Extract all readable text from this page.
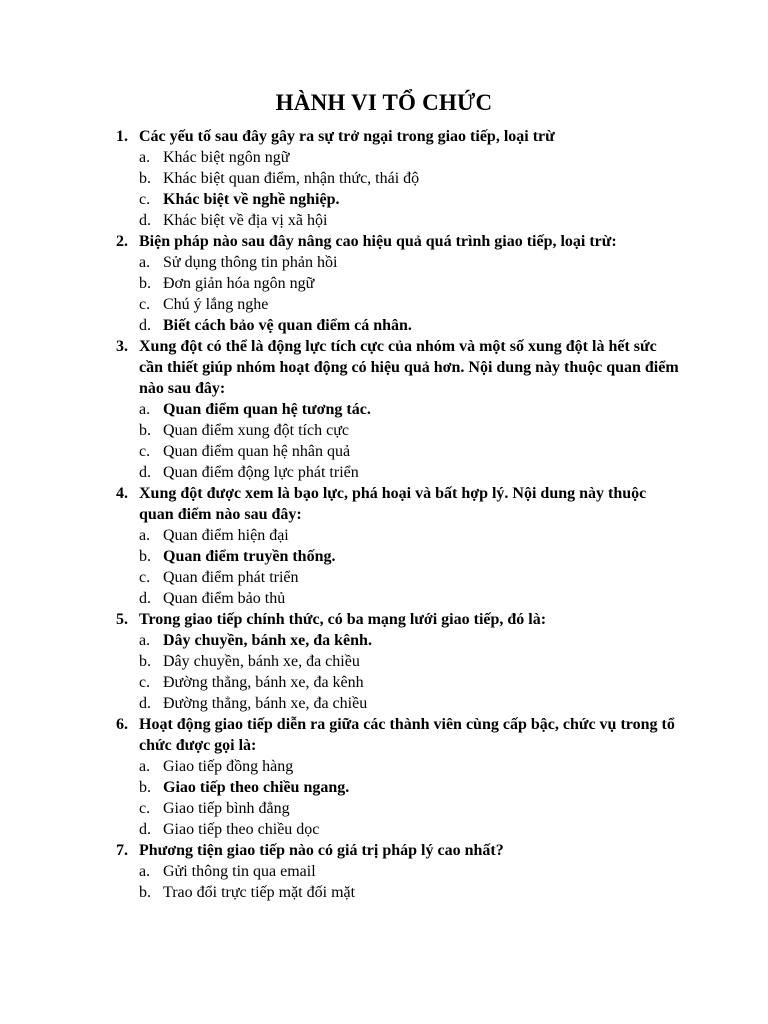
HÀNH VI TỔ CHỨC
1. Các yếu tố sau đây gây ra sự trở ngại trong giao tiếp, loại trừ
a. Khác biệt ngôn ngữ
b. Khác biệt quan điểm, nhận thức, thái độ
c. Khác biệt về nghề nghiệp.
d. Khác biệt về địa vị xã hội
2. Biện pháp nào sau đây nâng cao hiệu quả quá trình giao tiếp, loại trừ:
a. Sử dụng thông tin phản hồi
b. Đơn giản hóa ngôn ngữ
c. Chú ý lắng nghe
d. Biết cách bảo vệ quan điểm cá nhân.
3. Xung đột có thể là động lực tích cực của nhóm và một số xung đột là hết sức cần thiết giúp nhóm hoạt động có hiệu quả hơn. Nội dung này thuộc quan điểm nào sau đây:
a. Quan điểm quan hệ tương tác.
b. Quan điểm xung đột tích cực
c. Quan điểm quan hệ nhân quả
d. Quan điểm động lực phát triển
4. Xung đột được xem là bạo lực, phá hoại và bất hợp lý. Nội dung này thuộc quan điểm nào sau đây:
a. Quan điểm hiện đại
b. Quan điểm truyền thống.
c. Quan điểm phát triển
d. Quan điểm bảo thủ
5. Trong giao tiếp chính thức, có ba mạng lưới giao tiếp, đó là:
a. Dây chuyền, bánh xe, đa kênh.
b. Dây chuyền, bánh xe, đa chiều
c. Đường thẳng, bánh xe, đa kênh
d. Đường thẳng, bánh xe, đa chiều
6. Hoạt động giao tiếp diễn ra giữa các thành viên cùng cấp bậc, chức vụ trong tổ chức được gọi là:
a. Giao tiếp đồng hàng
b. Giao tiếp theo chiều ngang.
c. Giao tiếp bình đẳng
d. Giao tiếp theo chiều dọc
7. Phương tiện giao tiếp nào có giá trị pháp lý cao nhất?
a. Gửi thông tin qua email
b. Trao đổi trực tiếp mặt đối mặt
